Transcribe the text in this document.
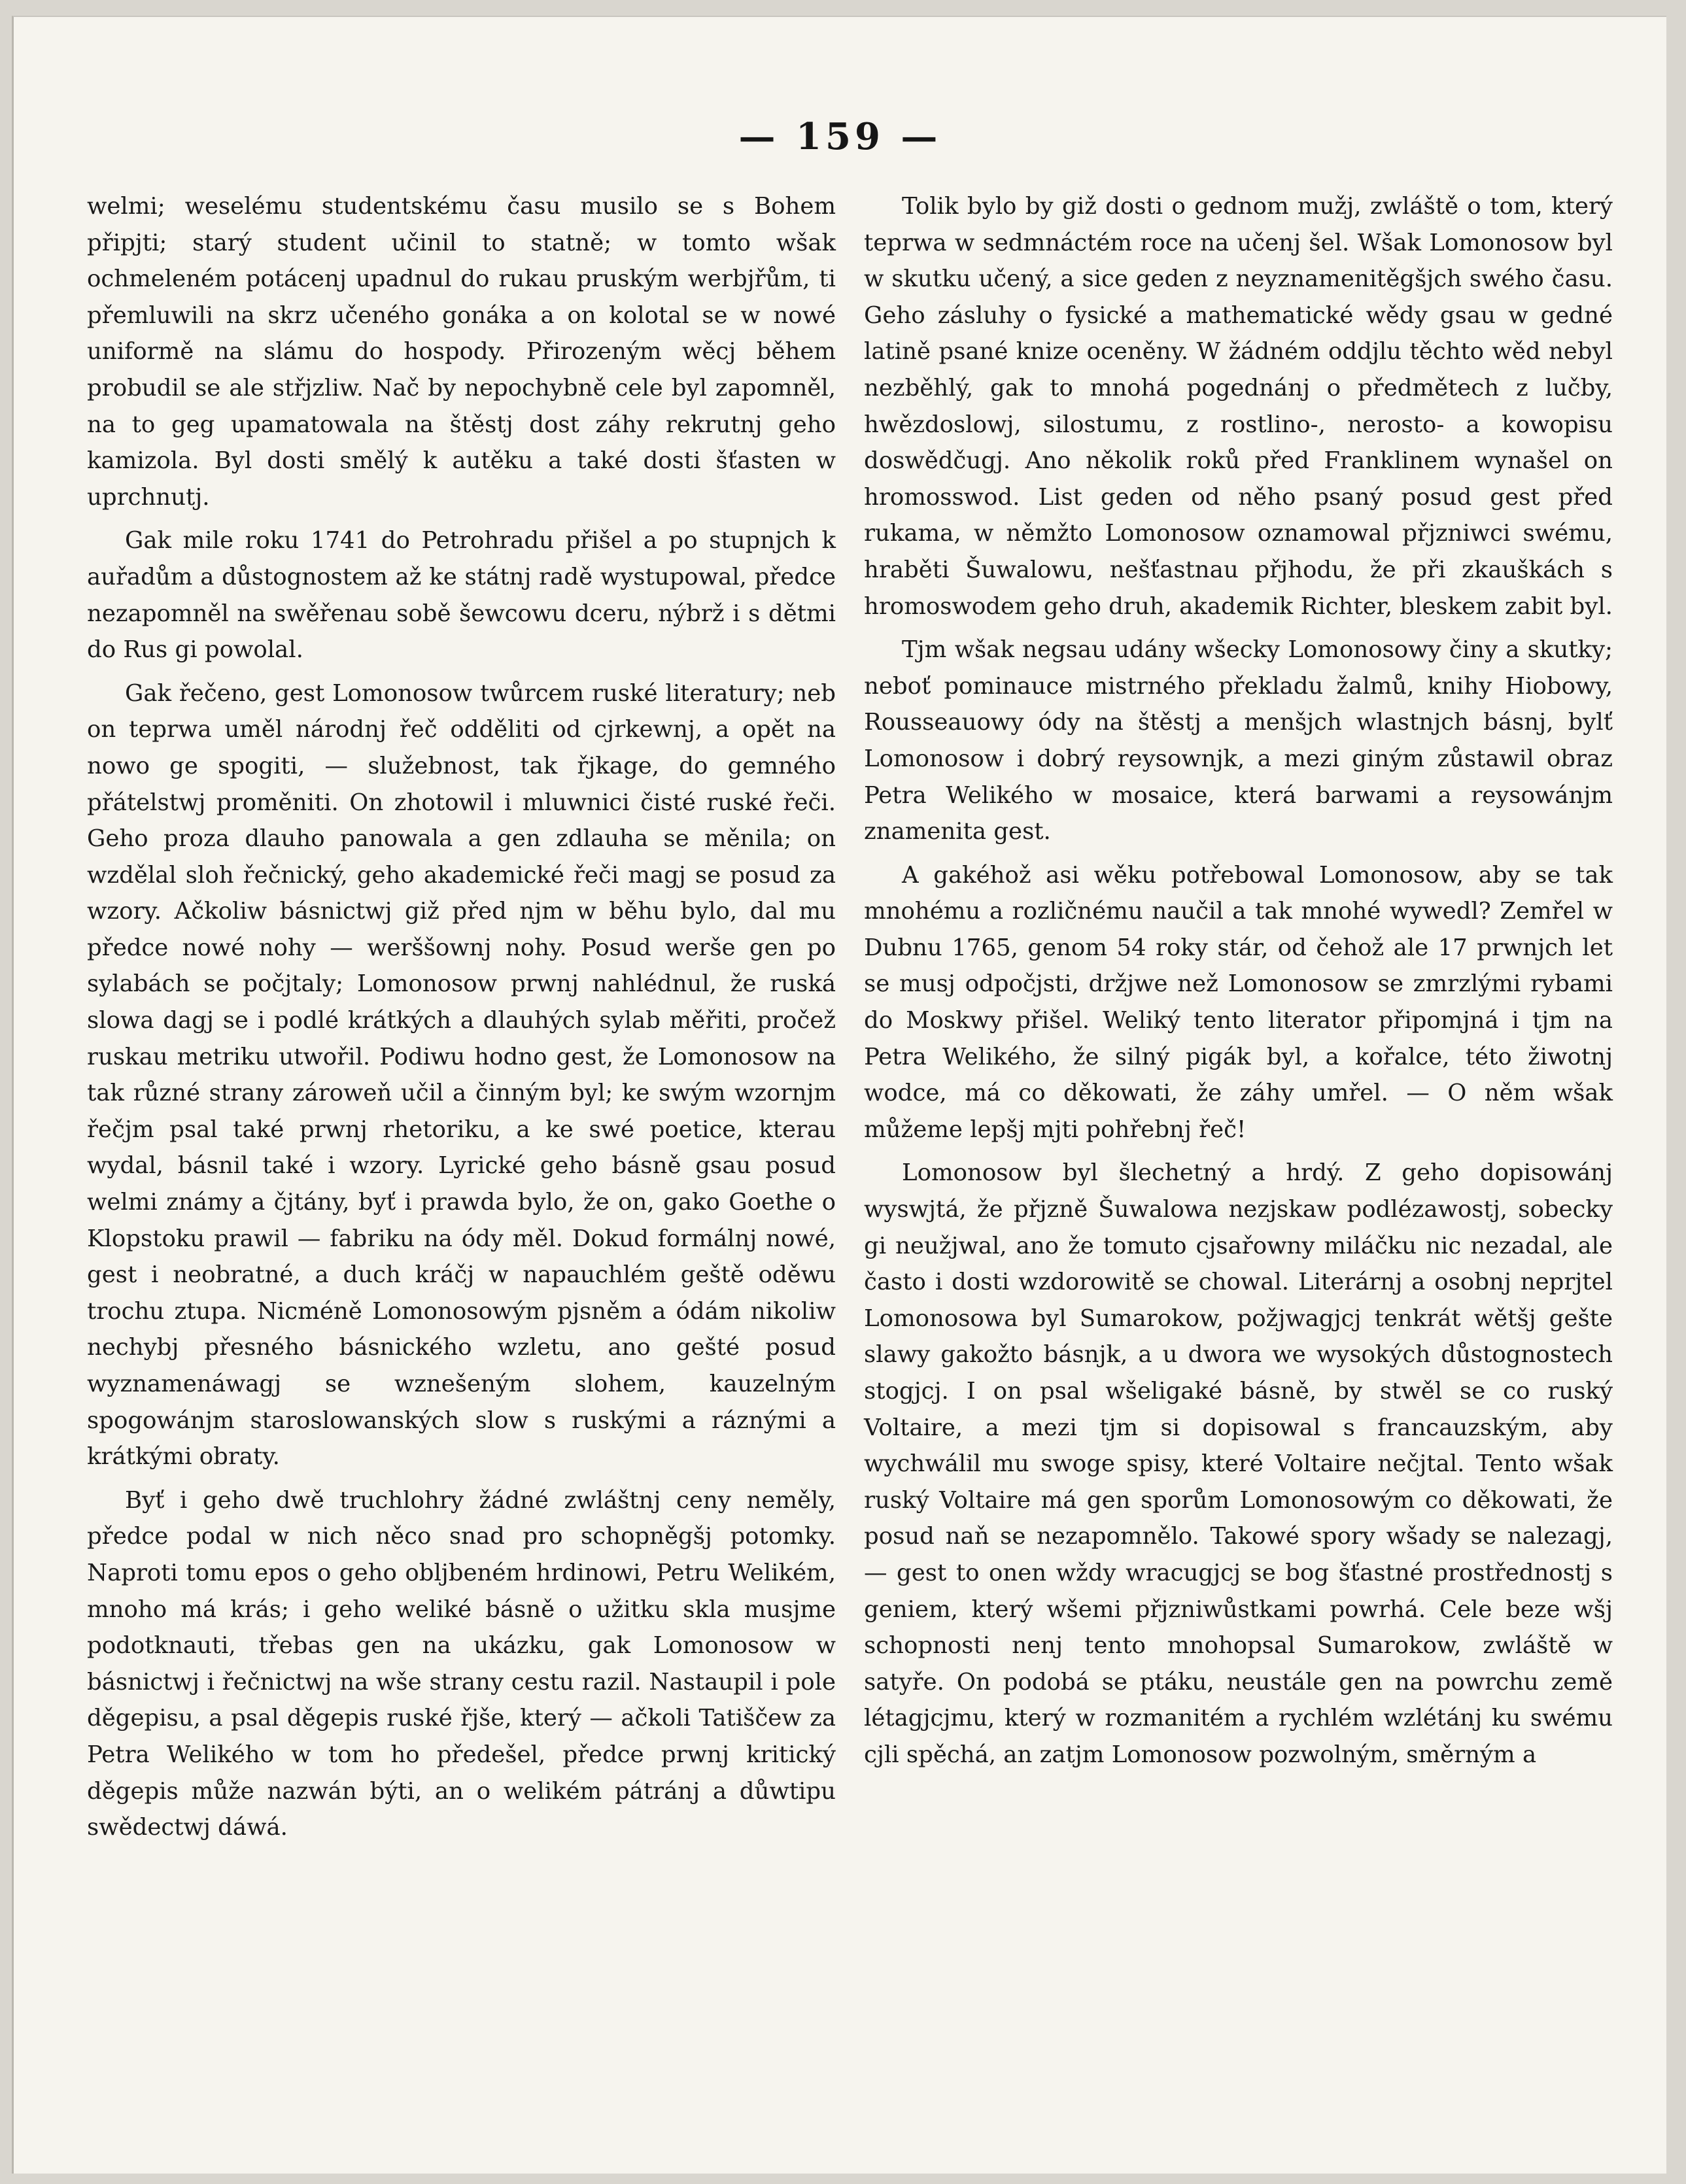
— 159 —

welmi; weselému studentskému času musilo se s Bohem připjti; starý student učinil to statně; w tomto wšak ochmeleném potácenj upadnul do rukau pruským werbjřům, ti přemluwili na skrz učeného gonáka a on kolotal se w nowé uniformě na slámu do hospody. Přirozeným wěcj během probudil se ale střjzliw. Nač by nepochybně cele byl zapomněl, na to geg upamatowala na štěstj dost záhy rekrutnj geho kamizola. Byl dosti smělý k autěku a také dosti šťasten w uprchnutj.

Gak mile roku 1741 do Petrohradu přišel a po stupnjch k auřadům a důstognostem až ke státnj radě wystupowal, předce nezapomněl na swěřenau sobě šewcowu dceru, nýbrž i s dětmi do Rus gi powolal.

Gak řečeno, gest Lomonosow twůrcem ruské literatury; neb on teprwa uměl národnj řeč odděliti od cjrkewnj, a opět na nowo ge spogiti, — služebnost, tak řjkage, do gemného přátelstwj proměniti. On zhotowil i mluwnici čisté ruské řeči. Geho proza dlauho panowala a gen zdlauha se měnila; on wzdělal sloh řečnický, geho akademické řeči magj se posud za wzory. Ačkoliw básnictwj giž před njm w běhu bylo, dal mu předce nowé nohy — werššownj nohy. Posud werše gen po sylabách se počjtaly; Lomonosow prwnj nahlédnul, že ruská slowa dagj se i podlé krátkých a dlauhých sylab měřiti, pročež ruskau metriku utwořil. Podiwu hodno gest, že Lomonosow na tak různé strany zároweň učil a činným byl; ke swým wzornjm řečjm psal také prwnj rhetoriku, a ke swé poetice, kterau wydal, básnil také i wzory. Lyrické geho básně gsau posud welmi známy a čjtány, byť i prawda bylo, že on, gako Goethe o Klopstoku prawil — fabriku na ódy měl. Dokud formálnj nowé, gest i neobratné, a duch kráčj w napauchlém geště oděwu trochu ztupa. Nicméně Lomonosowým pjsněm a ódám nikoliw nechybj přesného básnického wzletu, ano gešté posud wyznamenáwagj se wznešeným slohem, kauzelným spogowánjm staroslowanských slow s ruskými a ráznými a krátkými obraty.

Byť i geho dwě truchlohry žádné zwláštnj ceny neměly, předce podal w nich něco snad pro schopněgšj potomky. Naproti tomu epos o geho obljbeném hrdinowi, Petru Welikém, mnoho má krás; i geho weliké básně o užitku skla musjme podotknauti, třebas gen na ukázku, gak Lomonosow w básnictwj i řečnictwj na wše strany cestu razil. Nastaupil i pole děgepisu, a psal děgepis ruské řjše, který — ačkoli Tatiščew za Petra Welikého w tom ho předešel, předce prwnj kritický děgepis může nazwán býti, an o welikém pátránj a důwtipu swědectwj dáwá.

Tolik bylo by giž dosti o gednom mužj, zwláště o tom, který teprwa w sedmnáctém roce na učenj šel. Wšak Lomonosow byl w skutku učený, a sice geden z neyznamenitěgšjch swého času. Geho zásluhy o fysické a mathematické wědy gsau w gedné latině psané knize oceněny. W žádném oddjlu těchto wěd nebyl nezběhlý, gak to mnohá pogednánj o předmětech z lučby, hwězdoslowj, silostumu, z rostlino-, nerosto- a kowopisu doswědčugj. Ano několik roků před Franklinem wynašel on hromosswod. List geden od něho psaný posud gest před rukama, w němžto Lomonosow oznamowal přjzniwci swému, hraběti Šuwalowu, nešťastnau přjhodu, že při zkauškách s hromoswodem geho druh, akademik Richter, bleskem zabit byl.

Tjm wšak negsau udány wšecky Lomonosowy činy a skutky; neboť pominauce mistrného překladu žalmů, knihy Hiobowy, Rousseauowy ódy na štěstj a menšjch wlastnjch básnj, bylť Lomonosow i dobrý reysownjk, a mezi giným zůstawil obraz Petra Welikého w mosaice, která barwami a reysowánjm znamenita gest.

A gakéhož asi wěku potřebowal Lomonosow, aby se tak mnohému a rozličnému naučil a tak mnohé wywedl? Zemřel w Dubnu 1765, genom 54 roky stár, od čehož ale 17 prwnjch let se musj odpočjsti, držjwe než Lomonosow se zmrzlými rybami do Moskwy přišel. Weliký tento literator připomjná i tjm na Petra Welikého, že silný pigák byl, a kořalce, této žiwotnj wodce, má co děkowati, že záhy umřel. — O něm wšak můžeme lepšj mjti pohřebnj řeč!

Lomonosow byl šlechetný a hrdý. Z geho dopisowánj wyswjtá, že přjzně Šuwalowa nezjskaw podlézawostj, sobecky gi neužjwal, ano že tomuto cjsařowny miláčku nic nezadal, ale často i dosti wzdorowitě se chowal. Literárnj a osobnj neprjtel Lomonosowa byl Sumarokow, požjwagjcj tenkrát wětšj gešte slawy gakožto básnjk, a u dwora we wysokých důstognostech stogjcj. I on psal wšeligaké básně, by stwěl se co ruský Voltaire, a mezi tjm si dopisowal s francauzským, aby wychwálil mu swoge spisy, které Voltaire nečjtal. Tento wšak ruský Voltaire má gen sporům Lomonosowým co děkowati, že posud naň se nezapomnělo. Takowé spory wšady se nalezagj, — gest to onen wždy wracugjcj se bog šťastné prostřednostj s geniem, který wšemi přjzniwůstkami powrhá. Cele beze wšj schopnosti nenj tento mnohopsal Sumarokow, zwláště w satyře. On podobá se ptáku, neustále gen na powrchu země létagjcjmu, který w rozmanitém a rychlém wzlétánj ku swému cjli spěchá, an zatjm Lomonosow pozwolným, směrným a
